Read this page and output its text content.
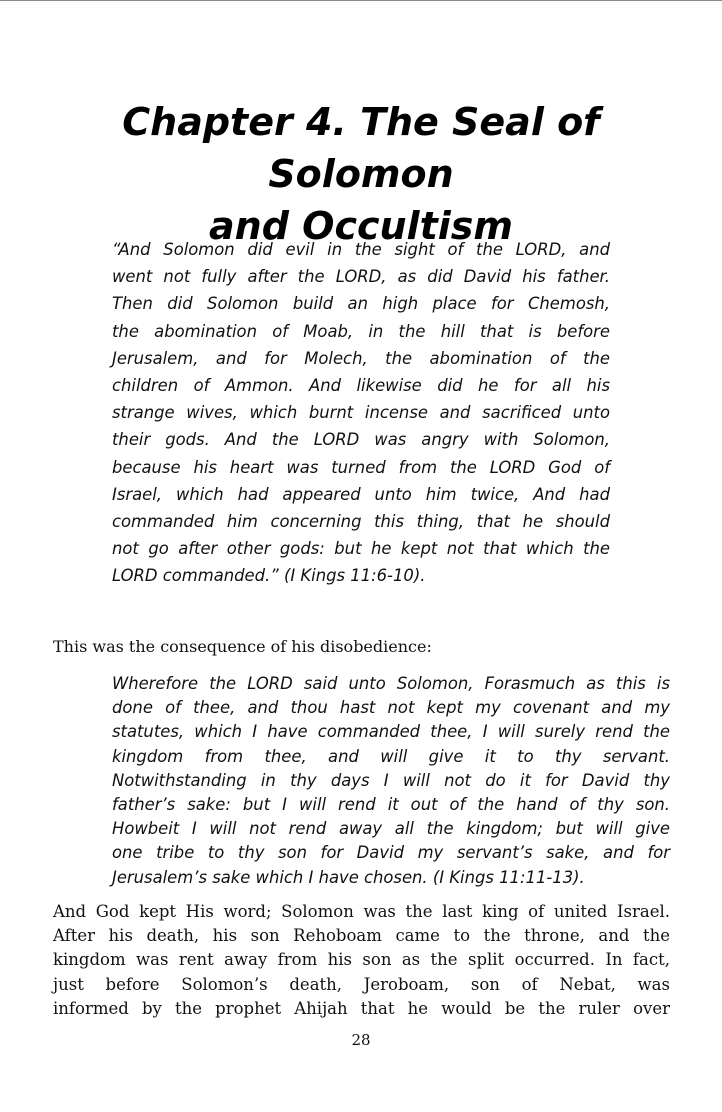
Chapter 4. The Seal of Solomon
and Occultism
“And Solomon did evil in the sight of the LORD, and
went not fully after the LORD, as did David his father.
Then did Solomon build an high place for Chemosh,
the abomination of Moab, in the hill that is before
Jerusalem, and for Molech, the abomination of the
children of Ammon. And likewise did he for all his
strange wives, which burnt incense and sacrificed unto
their gods. And the LORD was angry with Solomon,
because his heart was turned from the LORD God of
Israel, which had appeared unto him twice, And had
commanded him concerning this thing, that he should
not go after other gods: but he kept not that which the
LORD commanded.” (I Kings 11:6-10).

This was the consequence of his disobedience:

Wherefore the LORD said unto Solomon, Forasmuch as this is
done of thee, and thou hast not kept my covenant and my
statutes, which I have commanded thee, I will surely rend the
kingdom from thee, and will give it to thy servant.
Notwithstanding in thy days I will not do it for David thy
father’s sake: but I will rend it out of the hand of thy son.
Howbeit I will not rend away all the kingdom; but will give
one tribe to thy son for David my servant’s sake, and for
Jerusalem’s sake which I have chosen. (I Kings 11:11-13).
And God kept His word; Solomon was the last king of united Israel.
After his death, his son Rehoboam came to the throne, and the
kingdom was rent away from his son as the split occurred. In fact,
just before Solomon’s death, Jeroboam, son of Nebat, was
informed by the prophet Ahijah that he would be the ruler over
28
